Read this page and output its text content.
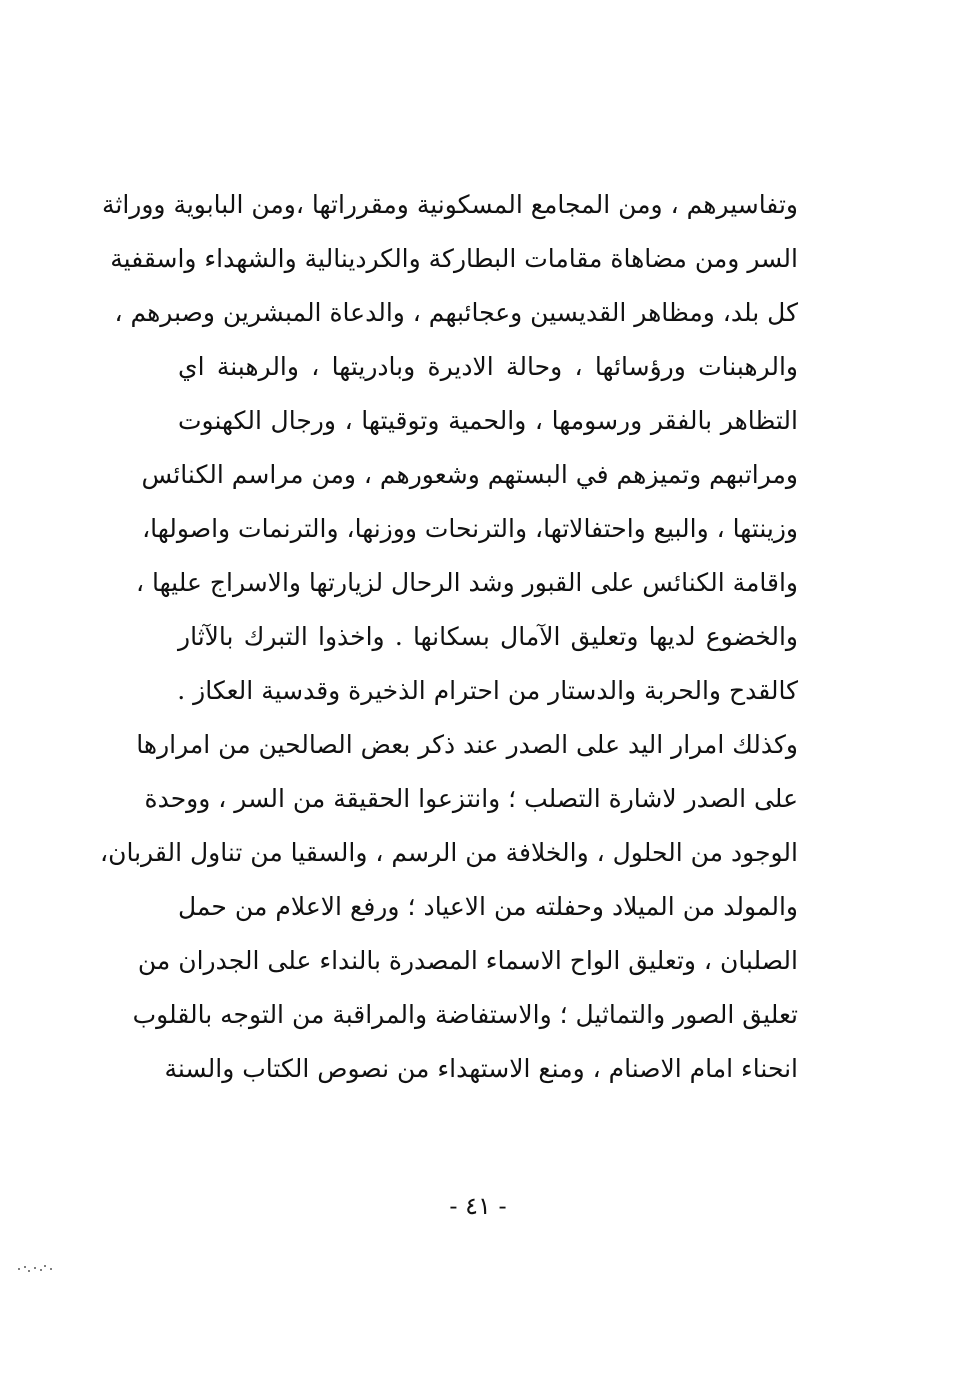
وتفاسيرهم ، ومن المجامع المسكونية ومقرراتها ،ومن البابوية ووراثة
السر ومن مضاهاة مقامات البطاركة والكردينالية والشهداء واسقفية
كل بلد، ومظاهر القديسين وعجائبهم ، والدعاة المبشرين وصبرهم ،
والرهبنات ورؤسائها ، وحالة الاديرة وبادريتها ، والرهبنة اي
التظاهر بالفقر ورسومها ، والحمية وتوقيتها ، ورجال الكهنوت
ومراتبهم وتميزهم في البستهم وشعورهم ، ومن مراسم الكنائس
وزينتها ، والبيع واحتفالاتها، والترنحات ووزنها، والترنمات واصولها،
واقامة الكنائس على القبور وشد الرحال لزيارتها والاسراج عليها ،
والخضوع لديها وتعليق الآمال بسكانها . واخذوا التبرك بالآثار
كالقدح والحربة والدستار من احترام الذخيرة وقدسية العكاز .
وكذلك امرار اليد على الصدر عند ذكر بعض الصالحين من امرارها
على الصدر لاشارة التصلب ؛ وانتزعوا الحقيقة من السر ، ووحدة
الوجود من الحلول ، والخلافة من الرسم ، والسقيا من تناول القربان،
والمولد من الميلاد وحفلته من الاعياد ؛ ورفع الاعلام من حمل
الصلبان ، وتعليق الواح الاسماء المصدرة بالنداء على الجدران من
تعليق الصور والتماثيل ؛ والاستفاضة والمراقبة من التوجه بالقلوب
انحناء امام الاصنام ، ومنع الاستهداء من نصوص الكتاب والسنة
- ٤١ -
